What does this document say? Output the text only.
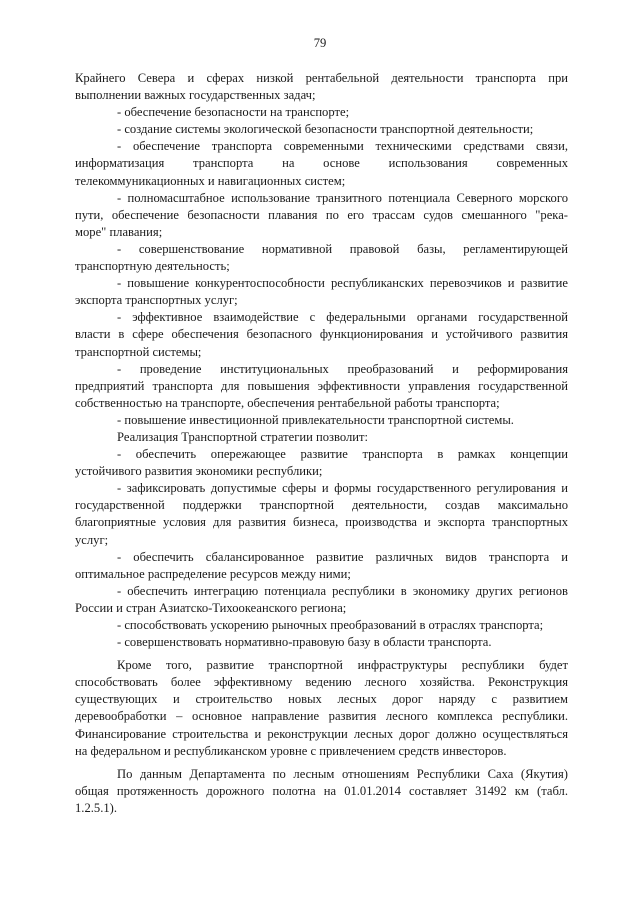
79
Крайнего Севера и сферах низкой рентабельной деятельности транспорта при
выполнении важных государственных задач;
- обеспечение безопасности на транспорте;
- создание системы экологической безопасности транспортной деятельности;
- обеспечение транспорта современными техническими средствами связи,
информатизация транспорта на основе использования современных
телекоммуникационных и навигационных систем;
- полномасштабное использование транзитного потенциала Северного морского
пути, обеспечение безопасности плавания по его трассам судов смешанного "река-
море" плавания;
- совершенствование нормативной правовой базы, регламентирующей
транспортную деятельность;
- повышение конкурентоспособности республиканских перевозчиков и развитие
экспорта транспортных услуг;
- эффективное взаимодействие с федеральными органами государственной
власти в сфере обеспечения безопасного функционирования и устойчивого развития
транспортной системы;
- проведение институциональных преобразований и реформирования
предприятий транспорта для повышения эффективности управления государственной
собственностью на транспорте, обеспечения рентабельной работы транспорта;
- повышение инвестиционной привлекательности транспортной системы.
Реализация Транспортной стратегии позволит:
- обеспечить опережающее развитие транспорта в рамках концепции
устойчивого развития экономики республики;
- зафиксировать допустимые сферы и формы государственного регулирования и
государственной поддержки транспортной деятельности, создав максимально
благоприятные условия для развития бизнеса, производства и экспорта транспортных
услуг;
- обеспечить сбалансированное развитие различных видов транспорта и
оптимальное распределение ресурсов между ними;
- обеспечить интеграцию потенциала республики в экономику других регионов
России и стран Азиатско-Тихоокеанского региона;
- способствовать ускорению рыночных преобразований в отраслях транспорта;
- совершенствовать нормативно-правовую базу в области транспорта.
Кроме того, развитие транспортной инфраструктуры республики будет
способствовать более эффективному ведению лесного хозяйства. Реконструкция
существующих и строительство новых лесных дорог наряду с развитием
деревообработки – основное направление развития лесного комплекса республики.
Финансирование строительства и реконструкции лесных дорог должно осуществляться
на федеральном и республиканском уровне с привлечением средств инвесторов.
По данным Департамента по лесным отношениям Республики Саха (Якутия)
общая протяженность дорожного полотна на 01.01.2014 составляет 31492 км (табл.
1.2.5.1).
